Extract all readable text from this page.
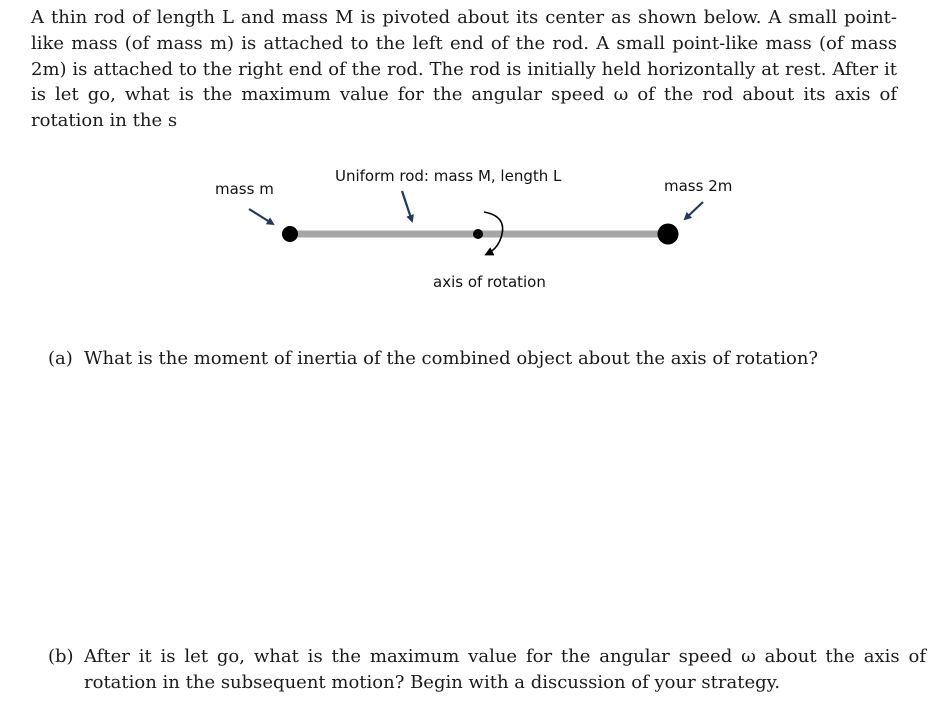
A thin rod of length L and mass M is pivoted about its center as shown below. A small point-like mass (of mass m) is attached to the left end of the rod. A small point-like mass (of mass 2m) is attached to the right end of the rod. The rod is initially held horizontally at rest. After it is let go, what is the maximum value for the angular speed ω of the rod about its axis of rotation in the s

mass m
Uniform rod: mass M, length L
mass 2m
axis of rotation

(a) What is the moment of inertia of the combined object about the axis of rotation?

(b) After it is let go, what is the maximum value for the angular speed ω about the axis of rotation in the subsequent motion? Begin with a discussion of your strategy.
